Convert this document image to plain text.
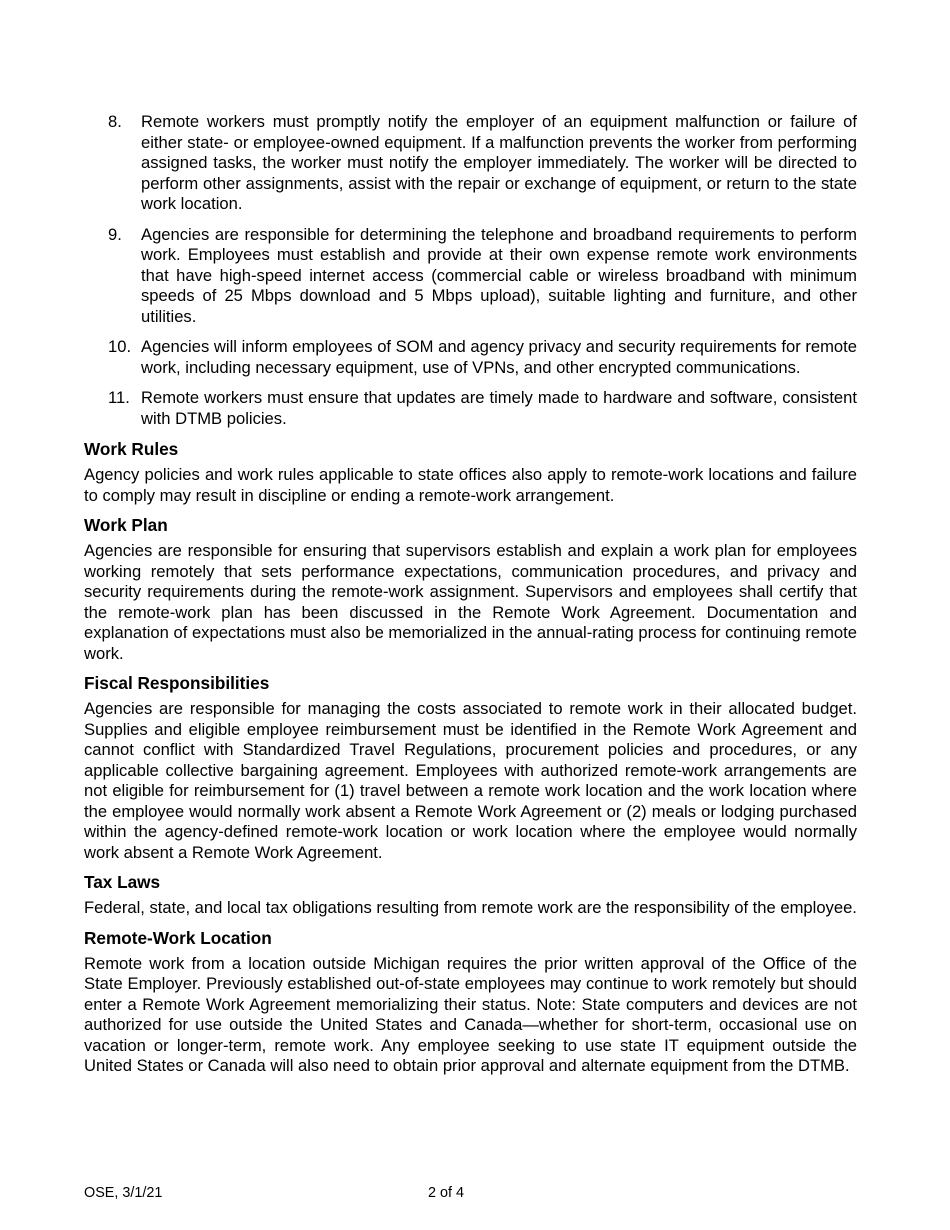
8.	Remote workers must promptly notify the employer of an equipment malfunction or failure of either state- or employee-owned equipment. If a malfunction prevents the worker from performing assigned tasks, the worker must notify the employer immediately. The worker will be directed to perform other assignments, assist with the repair or exchange of equipment, or return to the state work location.
9.	Agencies are responsible for determining the telephone and broadband requirements to perform work. Employees must establish and provide at their own expense remote work environments that have high-speed internet access (commercial cable or wireless broadband with minimum speeds of 25 Mbps download and 5 Mbps upload), suitable lighting and furniture, and other utilities.
10. Agencies will inform employees of SOM and agency privacy and security requirements for remote work, including necessary equipment, use of VPNs, and other encrypted communications.
11. Remote workers must ensure that updates are timely made to hardware and software, consistent with DTMB policies.
Work Rules

Agency policies and work rules applicable to state offices also apply to remote-work locations and failure to comply may result in discipline or ending a remote-work arrangement.

Work Plan

Agencies are responsible for ensuring that supervisors establish and explain a work plan for employees working remotely that sets performance expectations, communication procedures, and privacy and security requirements during the remote-work assignment. Supervisors and employees shall certify that the remote-work plan has been discussed in the Remote Work Agreement. Documentation and explanation of expectations must also be memorialized in the annual-rating process for continuing remote work.

Fiscal Responsibilities

Agencies are responsible for managing the costs associated to remote work in their allocated budget. Supplies and eligible employee reimbursement must be identified in the Remote Work Agreement and cannot conflict with Standardized Travel Regulations, procurement policies and procedures, or any applicable collective bargaining agreement. Employees with authorized remote-work arrangements are not eligible for reimbursement for (1) travel between a remote work location and the work location where the employee would normally work absent a Remote Work Agreement or (2) meals or lodging purchased within the agency-defined remote-work location or work location where the employee would normally work absent a Remote Work Agreement.

Tax Laws

Federal, state, and local tax obligations resulting from remote work are the responsibility of the employee.

Remote-Work Location

Remote work from a location outside Michigan requires the prior written approval of the Office of the State Employer. Previously established out-of-state employees may continue to work remotely but should enter a Remote Work Agreement memorializing their status. Note: State computers and devices are not authorized for use outside the United States and Canada—whether for short-term, occasional use on vacation or longer-term, remote work. Any employee seeking to use state IT equipment outside the United States or Canada will also need to obtain prior approval and alternate equipment from the DTMB.

OSE, 3/1/21	2 of 4
